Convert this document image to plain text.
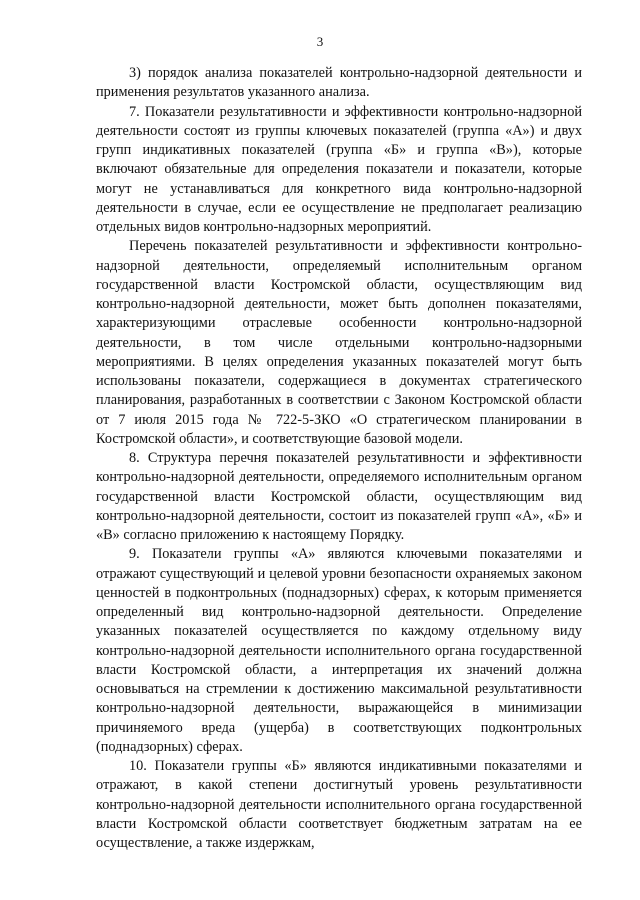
3

3) порядок анализа показателей контрольно-надзорной деятельности и применения результатов указанного анализа.

7. Показатели результативности и эффективности контрольно-надзорной деятельности состоят из группы ключевых показателей (группа «А») и двух групп индикативных показателей (группа «Б» и группа «В»), которые включают обязательные для определения показатели и показатели, которые могут не устанавливаться для конкретного вида контрольно-надзорной деятельности в случае, если ее осуществление не предполагает реализацию отдельных видов контрольно-надзорных мероприятий.

Перечень показателей результативности и эффективности контрольно-надзорной деятельности, определяемый исполнительным органом государственной власти Костромской области, осуществляющим вид контрольно-надзорной деятельности, может быть дополнен показателями, характеризующими отраслевые особенности контрольно-надзорной деятельности, в том числе отдельными контрольно-надзорными мероприятиями. В целях определения указанных показателей могут быть использованы показатели, содержащиеся в документах стратегического планирования, разработанных в соответствии с Законом Костромской области от 7 июля 2015 года № 722-5-ЗКО «О стратегическом планировании в Костромской области», и соответствующие базовой модели.

8. Структура перечня показателей результативности и эффективности контрольно-надзорной деятельности, определяемого исполнительным органом государственной власти Костромской области, осуществляющим вид контрольно-надзорной деятельности, состоит из показателей групп «А», «Б» и «В» согласно приложению к настоящему Порядку.

9. Показатели группы «А» являются ключевыми показателями и отражают существующий и целевой уровни безопасности охраняемых законом ценностей в подконтрольных (поднадзорных) сферах, к которым применяется определенный вид контрольно-надзорной деятельности. Определение указанных показателей осуществляется по каждому отдельному виду контрольно-надзорной деятельности исполнительного органа государственной власти Костромской области, а интерпретация их значений должна основываться на стремлении к достижению максимальной результативности контрольно-надзорной деятельности, выражающейся в минимизации причиняемого вреда (ущерба) в соответствующих подконтрольных (поднадзорных) сферах.

10. Показатели группы «Б» являются индикативными показателями и отражают, в какой степени достигнутый уровень результативности контрольно-надзорной деятельности исполнительного органа государственной власти Костромской области соответствует бюджетным затратам на ее осуществление, а также издержкам,
